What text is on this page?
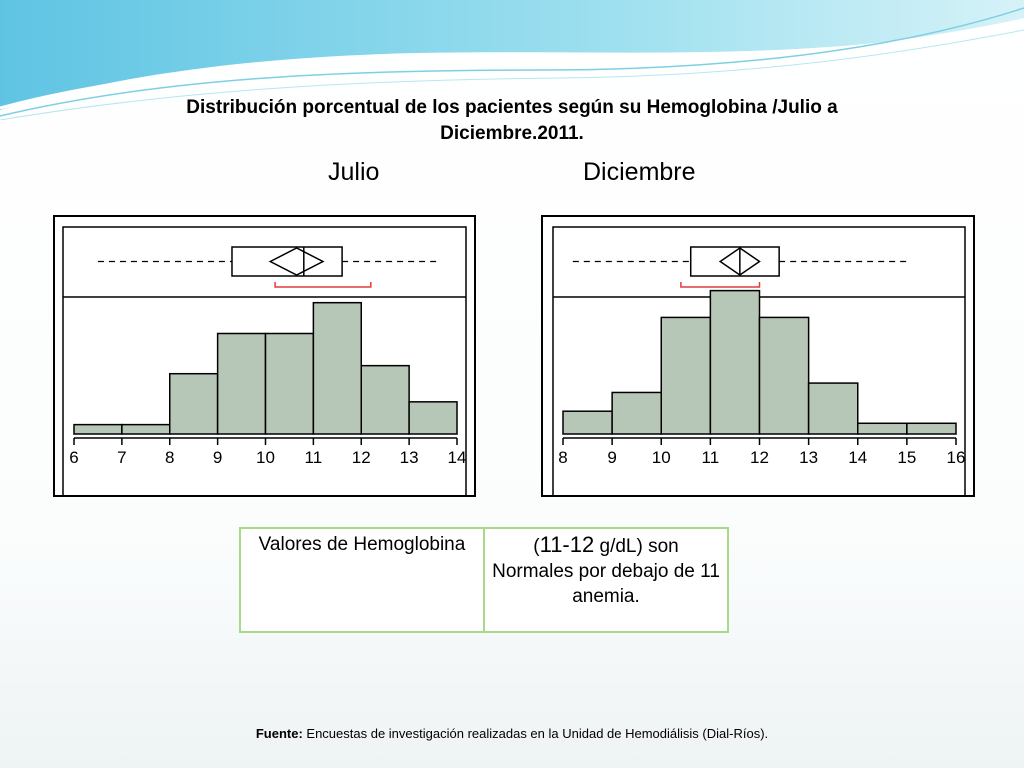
Distribución porcentual de los pacientes según su Hemoglobina /Julio a
Diciembre.2011.
Julio	Diciembre
6 7 8 9 10 11 12 13 14	8 9 10 11 12 13 14 15 16
Valores de Hemoglobina	(11-12 g/dL) son Normales por debajo de 11 anemia.
Fuente: Encuestas de investigación realizadas en la Unidad de Hemodiálisis (Dial-Ríos).
